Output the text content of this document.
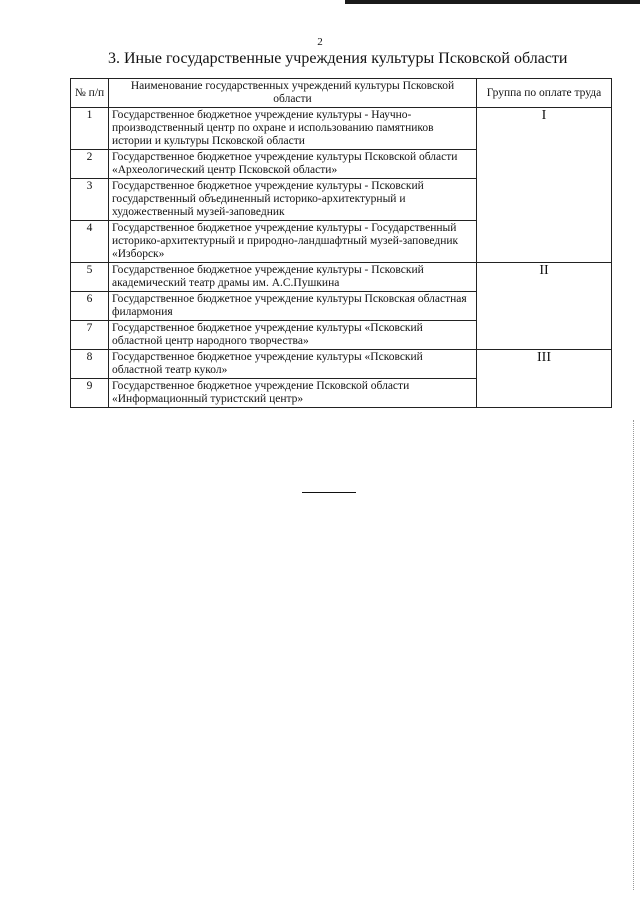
2
3. Иные государственные учреждения культуры Псковской области
№ п/п	Наименование государственных учреждений культуры Псковской области	Группа по оплате труда
1	Государственное бюджетное учреждение культуры - Научно-производственный центр по охране и использованию памятников истории и культуры Псковской области	I
2	Государственное бюджетное учреждение культуры Псковской области «Археологический центр Псковской области»	
3	Государственное бюджетное учреждение культуры - Псковский государственный объединенный историко-архитектурный и художественный музей-заповедник	
4	Государственное бюджетное учреждение культуры - Государственный историко-архитектурный и природно-ландшафтный музей-заповедник «Изборск»	
5	Государственное бюджетное учреждение культуры - Псковский академический театр драмы им. А.С.Пушкина	II
6	Государственное бюджетное учреждение культуры Псковская областная филармония	
7	Государственное бюджетное учреждение культуры «Псковский областной центр народного творчества»	
8	Государственное бюджетное учреждение культуры «Псковский областной театр кукол»	III
9	Государственное бюджетное учреждение Псковской области «Информационный туристский центр»	
